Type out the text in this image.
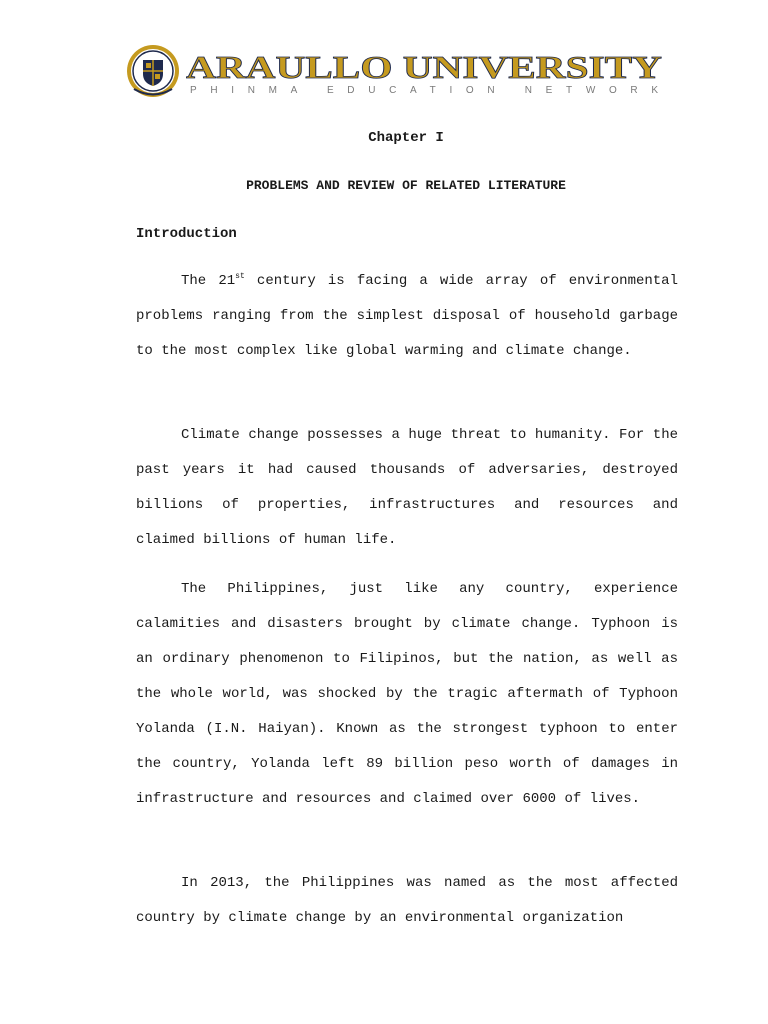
ARAULLO UNIVERSITY
PHINMA EDUCATION NETWORK
Chapter I
PROBLEMS AND REVIEW OF RELATED LITERATURE
Introduction

The 21st century is facing a wide array of environmental problems ranging from the simplest disposal of household garbage to the most complex like global warming and climate change.

Climate change possesses a huge threat to humanity. For the past years it had caused thousands of adversaries, destroyed billions of properties, infrastructures and resources and claimed billions of human life.

The Philippines, just like any country, experience calamities and disasters brought by climate change. Typhoon is an ordinary phenomenon to Filipinos, but the nation, as well as the whole world, was shocked by the tragic aftermath of Typhoon Yolanda (I.N. Haiyan). Known as the strongest typhoon to enter the country, Yolanda left 89 billion peso worth of damages in infrastructure and resources and claimed over 6000 of lives.

In 2013, the Philippines was named as the most affected country by climate change by an environmental organization
